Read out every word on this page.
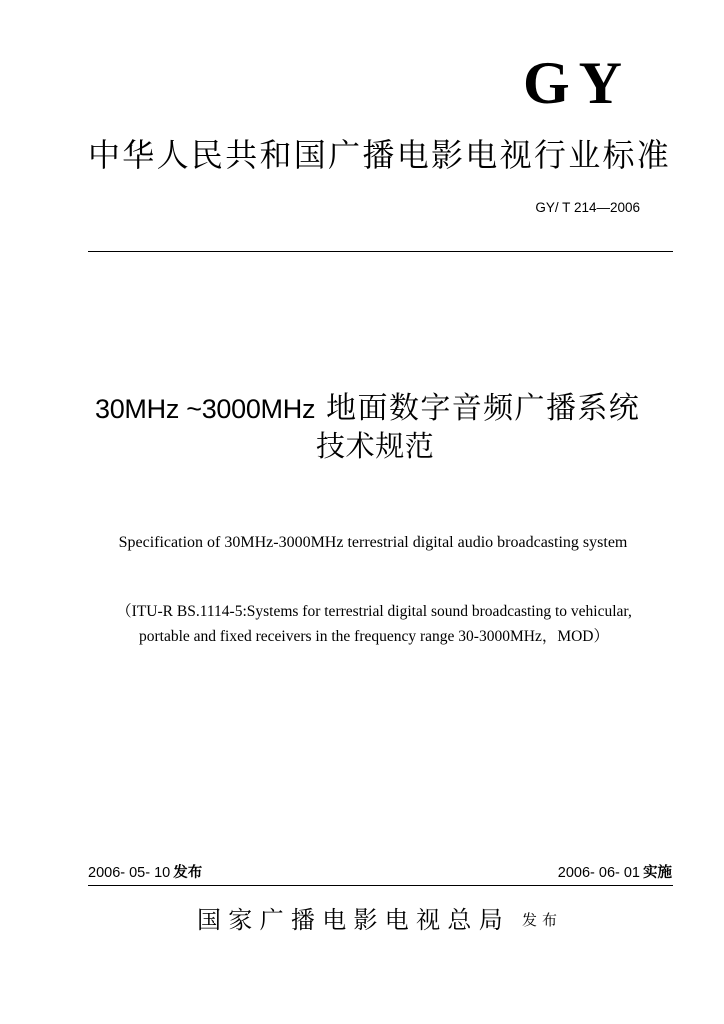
GY
中华人民共和国广播电影电视行业标准
GY/ T 214—2006
30MHz ~3000MHz 地面数字音频广播系统
技术规范
Specification of 30MHz-3000MHz terrestrial digital audio broadcasting system
（ITU-R BS.1114-5:Systems for terrestrial digital sound broadcasting to vehicular,
portable and fixed receivers in the frequency range 30-3000MHz，MOD）
2006- 05- 10 发布	2006- 06- 01 实施
国家广播电影电视总局 发布
